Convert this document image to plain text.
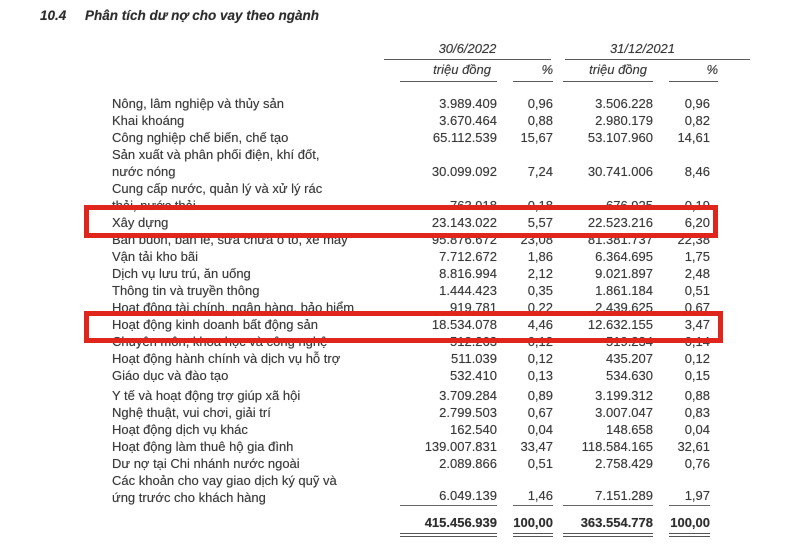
10.4	Phân tích dư nợ cho vay theo ngành

	30/6/2022		31/12/2021	

	triệu đồng	%	triệu đồng	%

Nông, lâm nghiệp và thủy sản	3.989.409	0,96	3.506.228	0,96

Khai khoáng	3.670.464	0,88	2.980.179	0,82

Công nghiệp chế biến, chế tạo	65.112.539	15,67	53.107.960	14,61

Sản xuất và phân phối điện, khí đốt,
nước nóng	30.099.092	7,24	30.741.006	8,46

Cung cấp nước, quản lý và xử lý rác
thải, nước thải	763.918	0,18	676.925	0,19

Xây dựng	23.143.022	5,57	22.523.216	6,20

Bán buôn, bán lẻ, sửa chữa ô tô, xe máy	95.876.672	23,08	81.381.737	22,38

Vận tải kho bãi	7.712.672	1,86	6.364.695	1,75

Dịch vụ lưu trú, ăn uống	8.816.994	2,12	9.021.897	2,48

Thông tin và truyền thông	1.444.423	0,35	1.861.184	0,51

Hoạt động tài chính, ngân hàng, bảo hiểm	919.781	0,22	2.439.625	0,67

Hoạt động kinh doanh bất động sản	18.534.078	4,46	12.632.155	3,47

Chuyên môn, khoa học và công nghệ	512.263	0,12	519.234	0,14

Hoạt động hành chính và dịch vụ hỗ trợ	511.039	0,12	435.207	0,12

Giáo dục và đào tạo	532.410	0,13	534.630	0,15

Y tế và hoạt động trợ giúp xã hội	3.709.284	0,89	3.199.312	0,88

Nghệ thuật, vui chơi, giải trí	2.799.503	0,67	3.007.047	0,83

Hoạt động dịch vụ khác	162.540	0,04	148.658	0,04

Hoạt động làm thuê hộ gia đình	139.007.831	33,47	118.584.165	32,61

Dư nợ tại Chi nhánh nước ngoài	2.089.866	0,51	2.758.429	0,76

Các khoản cho vay giao dịch ký quỹ và
ứng trước cho khách hàng	6.049.139	1,46	7.151.289	1,97

	415.456.939	100,00	363.554.778	100,00
